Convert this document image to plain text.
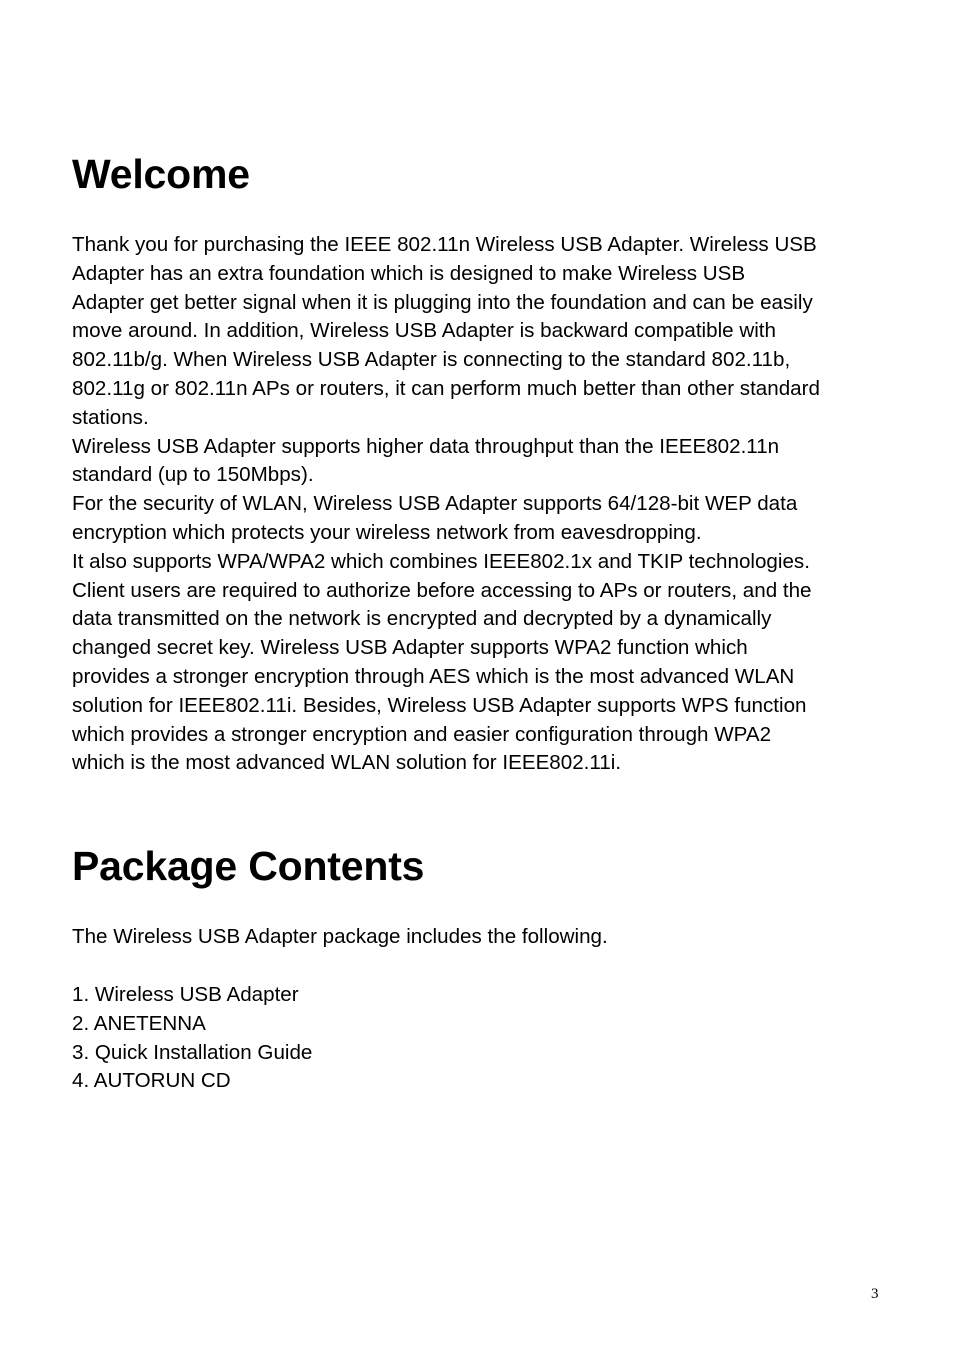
Welcome
Thank you for purchasing the IEEE 802.11n Wireless USB Adapter. Wireless USB
Adapter has an extra foundation which is designed to make Wireless USB
Adapter get better signal when it is plugging into the foundation and can be easily
move around. In addition, Wireless USB Adapter is backward compatible with
802.11b/g. When Wireless USB Adapter is connecting to the standard 802.11b,
802.11g or 802.11n APs or routers, it can perform much better than other standard
stations.
Wireless USB Adapter supports higher data throughput than the IEEE802.11n
standard (up to 150Mbps).
For the security of WLAN, Wireless USB Adapter supports 64/128-bit WEP data
encryption which protects your wireless network from eavesdropping.
It also supports WPA/WPA2 which combines IEEE802.1x and TKIP technologies.
Client users are required to authorize before accessing to APs or routers, and the
data transmitted on the network is encrypted and decrypted by a dynamically
changed secret key. Wireless USB Adapter supports WPA2 function which
provides a stronger encryption through AES which is the most advanced WLAN
solution for IEEE802.11i. Besides, Wireless USB Adapter supports WPS function
which provides a stronger encryption and easier configuration through WPA2
which is the most advanced WLAN solution for IEEE802.11i.
Package Contents

The Wireless USB Adapter package includes the following.

1. Wireless USB Adapter
2. ANETENNA
3. Quick Installation Guide
4. AUTORUN CD
3
